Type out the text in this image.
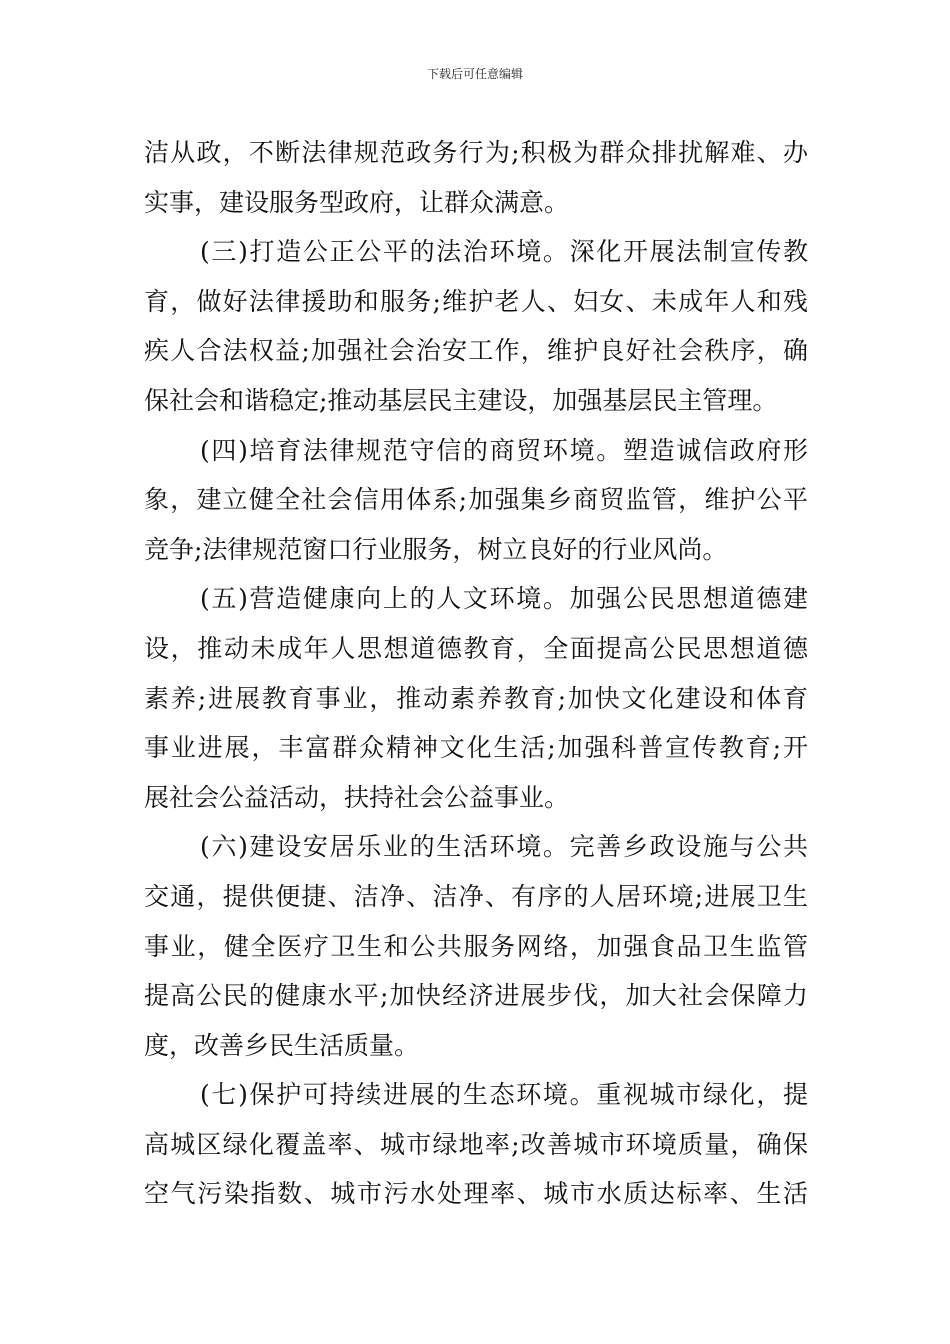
下载后可任意编辑
洁从政，不断法律规范政务行为;积极为群众排扰解难、办
实事，建设服务型政府，让群众满意。
(三)打造公正公平的法治环境。深化开展法制宣传教
育，做好法律援助和服务;维护老人、妇女、未成年人和残
疾人合法权益;加强社会治安工作，维护良好社会秩序，确
保社会和谐稳定;推动基层民主建设，加强基层民主管理。
(四)培育法律规范守信的商贸环境。塑造诚信政府形
象，建立健全社会信用体系;加强集乡商贸监管，维护公平
竞争;法律规范窗口行业服务，树立良好的行业风尚。
(五)营造健康向上的人文环境。加强公民思想道德建
设，推动未成年人思想道德教育，全面提高公民思想道德
素养;进展教育事业，推动素养教育;加快文化建设和体育
事业进展，丰富群众精神文化生活;加强科普宣传教育;开
展社会公益活动，扶持社会公益事业。
(六)建设安居乐业的生活环境。完善乡政设施与公共
交通，提供便捷、洁净、洁净、有序的人居环境;进展卫生
事业，健全医疗卫生和公共服务网络，加强食品卫生监管
提高公民的健康水平;加快经济进展步伐，加大社会保障力
度，改善乡民生活质量。
(七)保护可持续进展的生态环境。重视城市绿化，提
高城区绿化覆盖率、城市绿地率;改善城市环境质量，确保
空气污染指数、城市污水处理率、城市水质达标率、生活
